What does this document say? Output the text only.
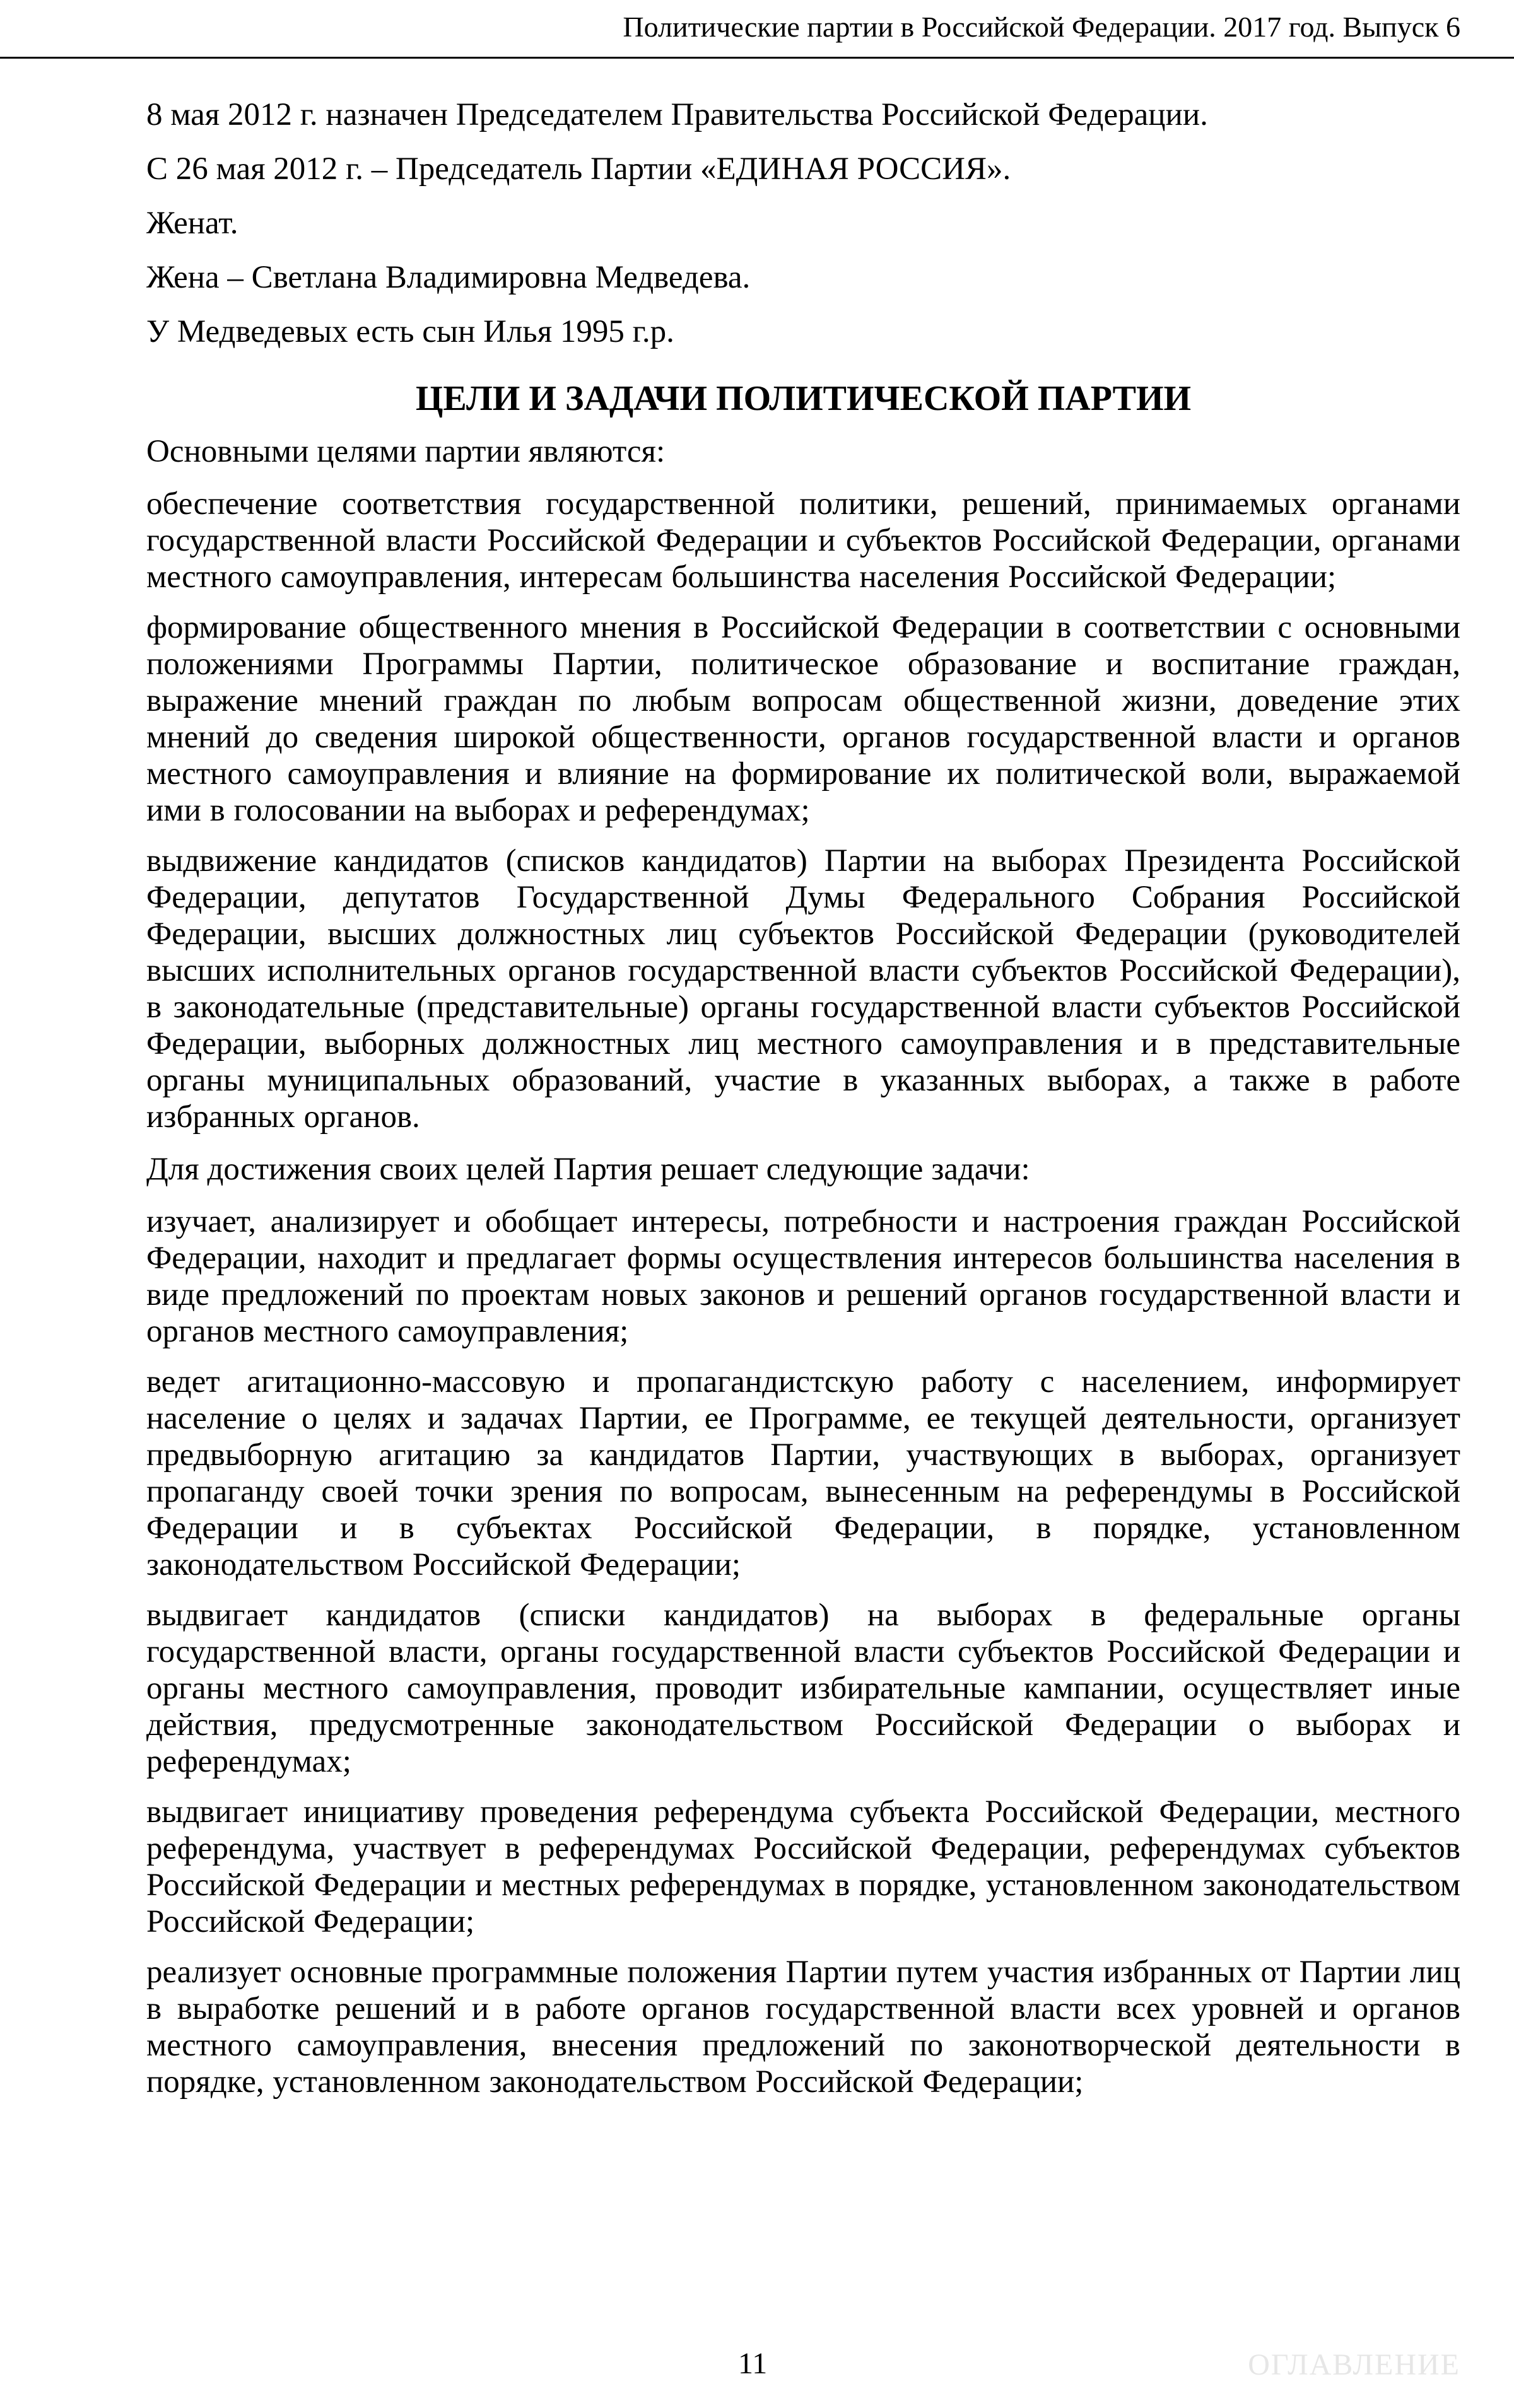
Политические партии в Российской Федерации. 2017 год. Выпуск 6
8 мая 2012 г. назначен Председателем Правительства Российской Федерации.
С 26 мая 2012 г. – Председатель Партии «ЕДИНАЯ РОССИЯ».
Женат.
Жена – Светлана Владимировна Медведева.
У Медведевых есть сын Илья 1995 г.р.
ЦЕЛИ И ЗАДАЧИ ПОЛИТИЧЕСКОЙ ПАРТИИ
Основными целями партии являются:
обеспечение соответствия государственной политики, решений, принимаемых органами государственной власти Российской Федерации и субъектов Российской Федерации, органами местного самоуправления, интересам большинства населения Российской Федерации;
формирование общественного мнения в Российской Федерации в соответствии с основными положениями Программы Партии, политическое образование и воспитание граждан, выражение мнений граждан по любым вопросам общественной жизни, доведение этих мнений до сведения широкой общественности, органов государственной власти и органов местного самоуправления и влияние на формирование их политической воли, выражаемой ими в голосовании на выборах и референдумах;
выдвижение кандидатов (списков кандидатов) Партии на выборах Президента Российской Федерации, депутатов Государственной Думы Федерального Собрания Российской Федерации, высших должностных лиц субъектов Российской Федерации (руководителей высших исполнительных органов государственной власти субъектов Российской Федерации), в законодательные (представительные) органы государственной власти субъектов Российской Федерации, выборных должностных лиц местного самоуправления и в представительные органы муниципальных образований, участие в указанных выборах, а также в работе избранных органов.
Для достижения своих целей Партия решает следующие задачи:
изучает, анализирует и обобщает интересы, потребности и настроения граждан Российской Федерации, находит и предлагает формы осуществления интересов большинства населения в виде предложений по проектам новых законов и решений органов государственной власти и органов местного самоуправления;
ведет агитационно-массовую и пропагандистскую работу с населением, информирует население о целях и задачах Партии, ее Программе, ее текущей деятельности, организует предвыборную агитацию за кандидатов Партии, участвующих в выборах, организует пропаганду своей точки зрения по вопросам, вынесенным на референдумы в Российской Федерации и в субъектах Российской Федерации, в порядке, установленном законодательством Российской Федерации;
выдвигает кандидатов (списки кандидатов) на выборах в федеральные органы государственной власти, органы государственной власти субъектов Российской Федерации и органы местного самоуправления, проводит избирательные кампании, осуществляет иные действия, предусмотренные законодательством Российской Федерации о выборах и референдумах;
выдвигает инициативу проведения референдума субъекта Российской Федерации, местного референдума, участвует в референдумах Российской Федерации, референдумах субъектов Российской Федерации и местных референдумах в порядке, установленном законодательством Российской Федерации;
реализует основные программные положения Партии путем участия избранных от Партии лиц в выработке решений и в работе органов государственной власти всех уровней и органов местного самоуправления, внесения предложений по законотворческой деятельности в порядке, установленном законодательством Российской Федерации;
11	ОГЛАВЛЕНИЕ
